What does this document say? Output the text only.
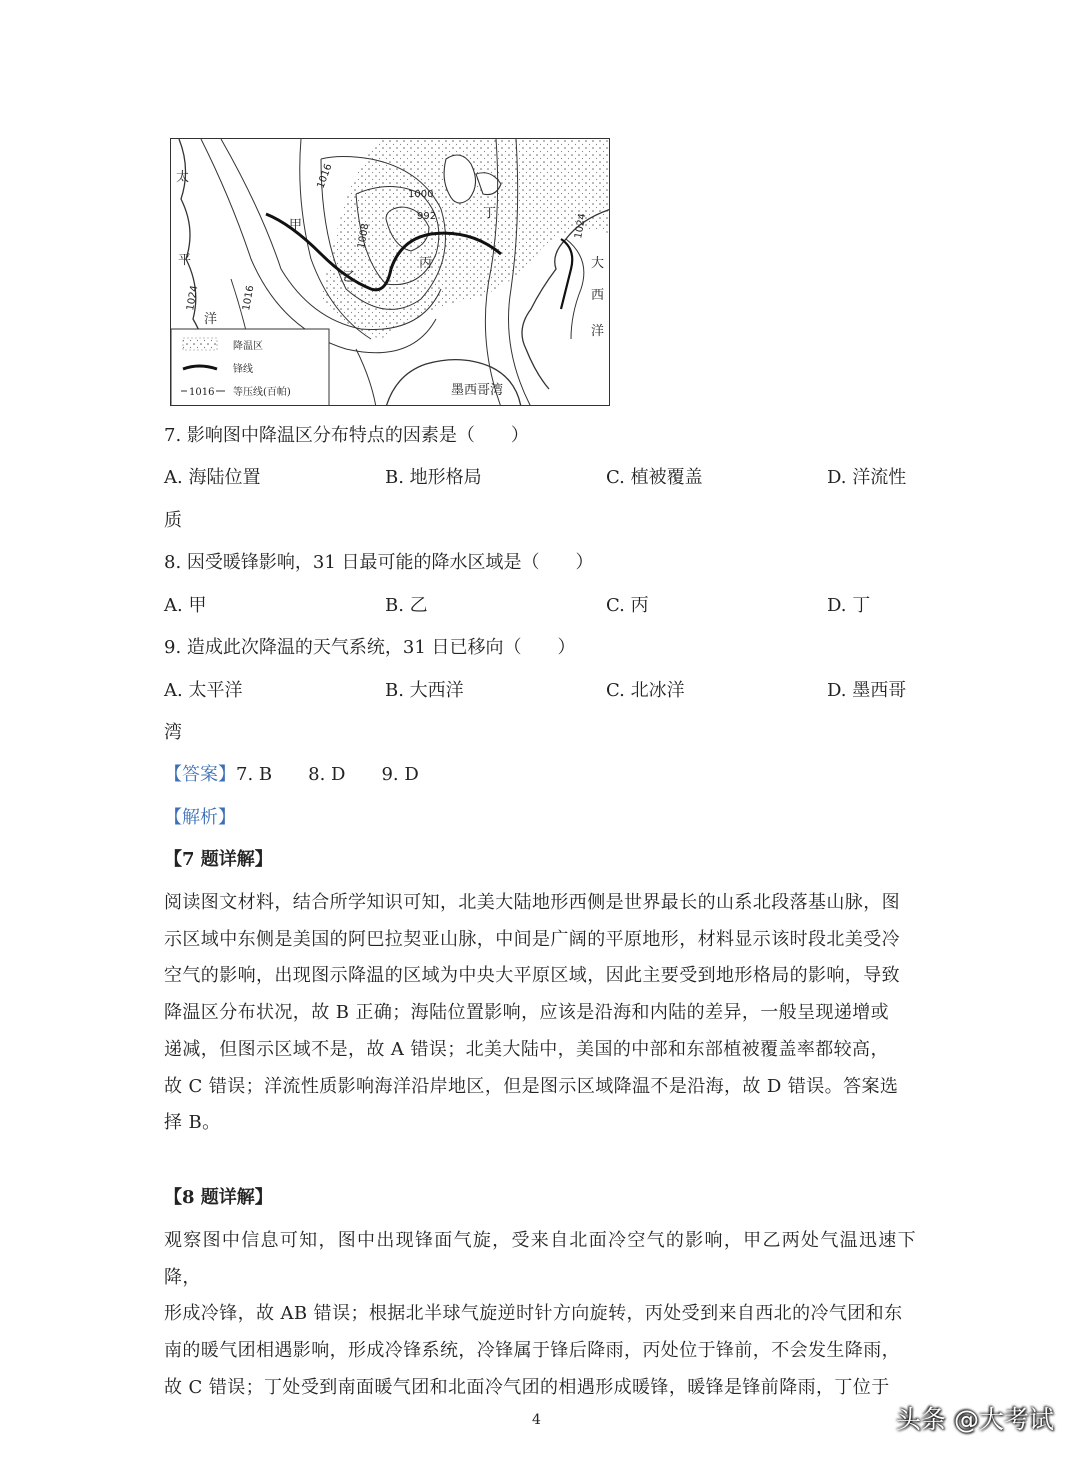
太
平
洋
大
西
洋
甲
乙
丙
丁
墨西哥湾
1016
1008
1000
992
1024	1016
1024
降温区
锋线
1016 等压线(百帕)
7. 影响图中降温区分布特点的因素是（　　）
A. 海陆位置	B. 地形格局	C. 植被覆盖	D. 洋流性
质
8. 因受暖锋影响，31 日最可能的降水区域是（　　）
A. 甲	B. 乙	C. 丙	D. 丁
9. 造成此次降温的天气系统，31 日已移向（　　）
A. 太平洋	B. 大西洋	C. 北冰洋	D. 墨西哥
湾
【答案】7. B　　8. D　　9. D
【解析】
【7 题详解】
阅读图文材料，结合所学知识可知，北美大陆地形西侧是世界最长的山系北段落基山脉，图
示区域中东侧是美国的阿巴拉契亚山脉，中间是广阔的平原地形，材料显示该时段北美受冷
空气的影响，出现图示降温的区域为中央大平原区域，因此主要受到地形格局的影响，导致
降温区分布状况，故 B 正确；海陆位置影响，应该是沿海和内陆的差异，一般呈现递增或
递减，但图示区域不是，故 A 错误；北美大陆中，美国的中部和东部植被覆盖率都较高，
故 C 错误；洋流性质影响海洋沿岸地区，但是图示区域降温不是沿海，故 D 错误。答案选
择 B。
【8 题详解】
观察图中信息可知，图中出现锋面气旋，受来自北面冷空气的影响，甲乙两处气温迅速下降，
形成冷锋，故 AB 错误；根据北半球气旋逆时针方向旋转，丙处受到来自西北的冷气团和东
南的暖气团相遇影响，形成冷锋系统，冷锋属于锋后降雨，丙处位于锋前，不会发生降雨，
故 C 错误；丁处受到南面暖气团和北面冷气团的相遇形成暖锋，暖锋是锋前降雨，丁位于
4	头条 @大考试
